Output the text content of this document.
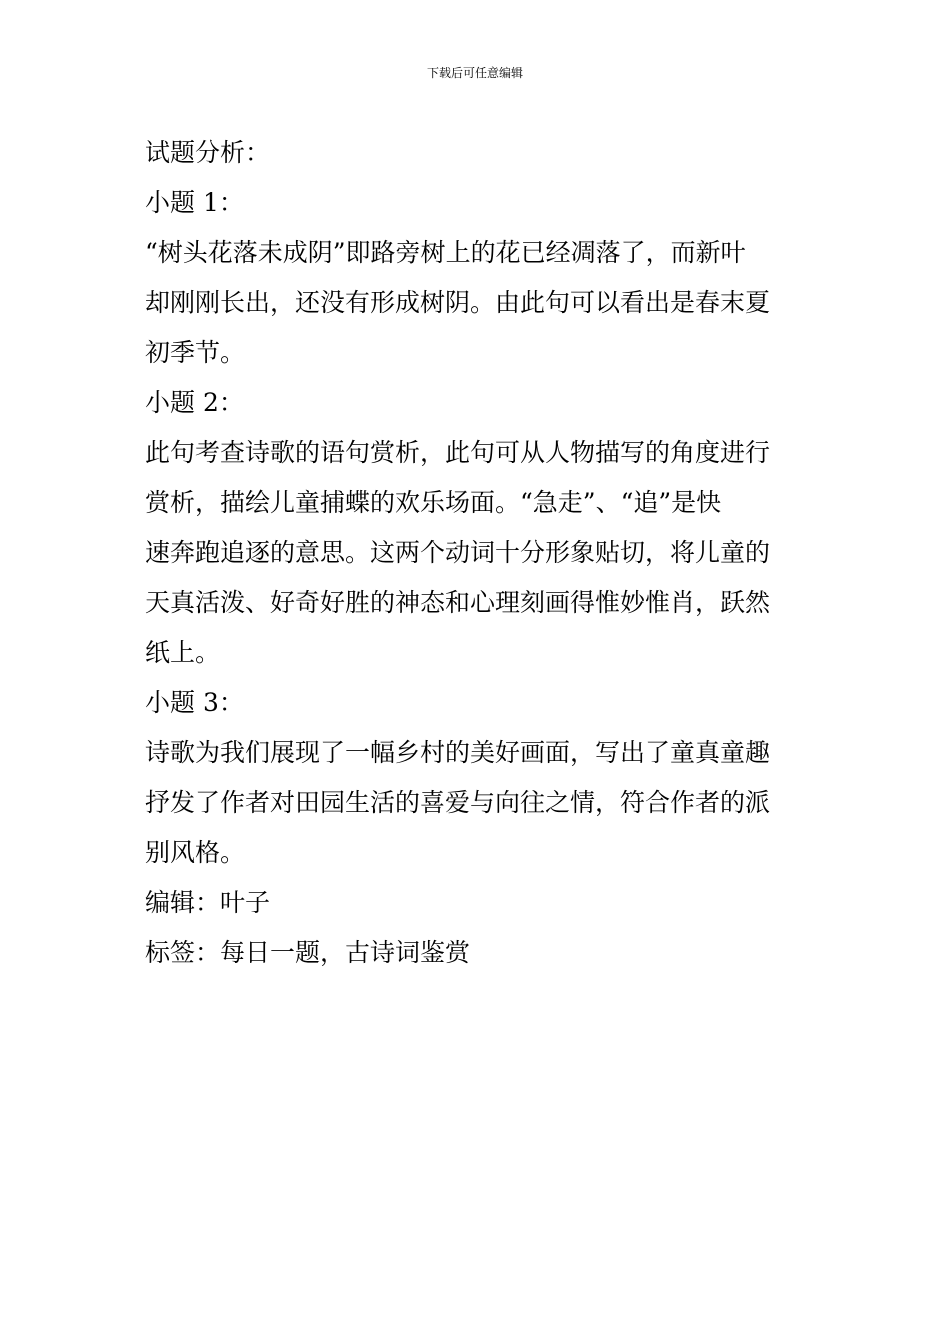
下载后可任意编辑
试题分析：
小题 1：
“树头花落未成阴”即路旁树上的花已经凋落了，而新叶
却刚刚长出，还没有形成树阴。由此句可以看出是春末夏
初季节。
小题 2：
此句考查诗歌的语句赏析，此句可从人物描写的角度进行
赏析，描绘儿童捕蝶的欢乐场面。“急走”、“追”是快
速奔跑追逐的意思。这两个动词十分形象贴切，将儿童的
天真活泼、好奇好胜的神态和心理刻画得惟妙惟肖，跃然
纸上。
小题 3：
诗歌为我们展现了一幅乡村的美好画面，写出了童真童趣
抒发了作者对田园生活的喜爱与向往之情，符合作者的派
别风格。
编辑：叶子
标签：每日一题，古诗词鉴赏
